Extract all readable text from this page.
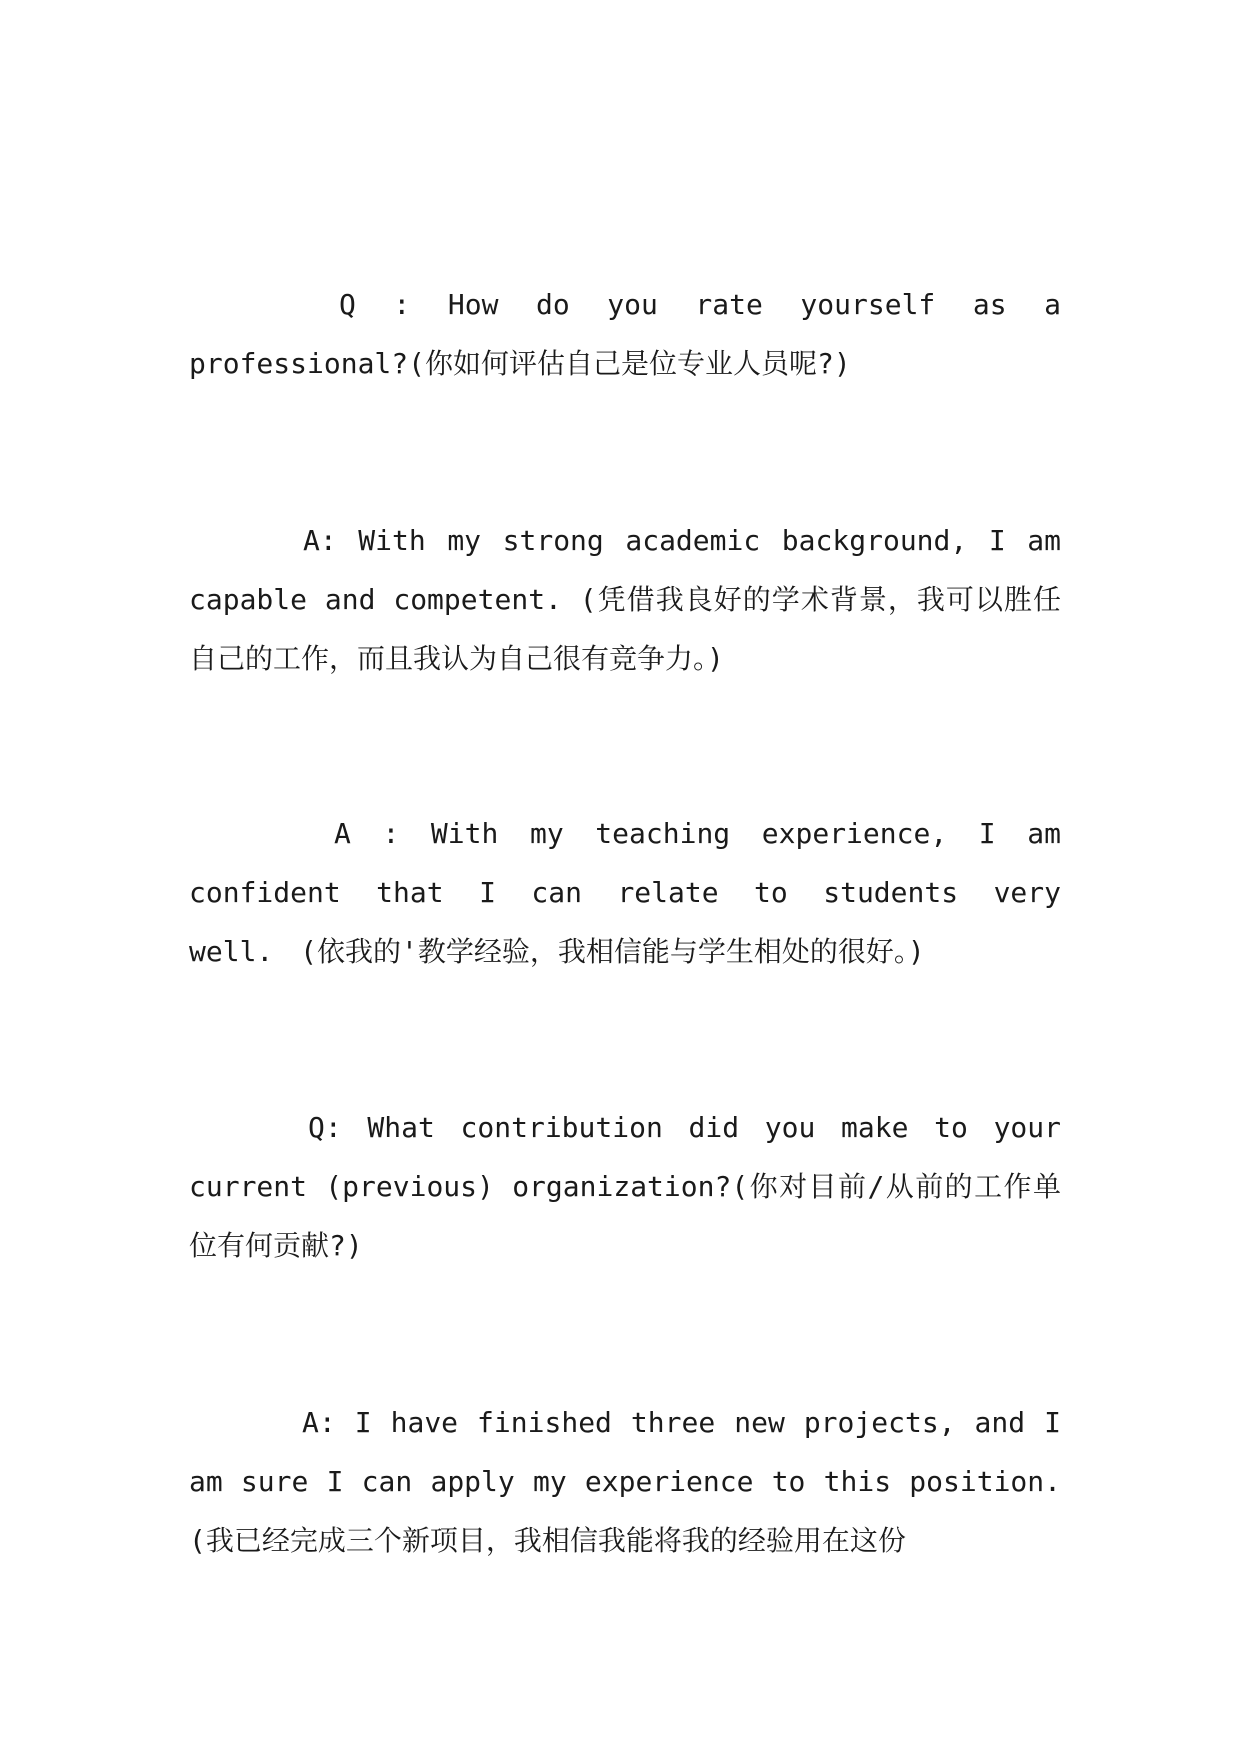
Q : How do you rate yourself as a professional?(你如何评估自己是位专业人员呢?)

A: With my strong academic background, I am capable and competent. (凭借我良好的学术背景，我可以胜任自己的工作，而且我认为自己很有竞争力。)

A : With my teaching experience, I am confident that I can relate to students very well. (依我的'教学经验，我相信能与学生相处的很好。)

Q: What contribution did you make to your current (previous) organization?(你对目前/从前的工作单位有何贡献?)

A: I have finished three new projects, and I am sure I can apply my experience to this position. (我已经完成三个新项目，我相信我能将我的经验用在这份
